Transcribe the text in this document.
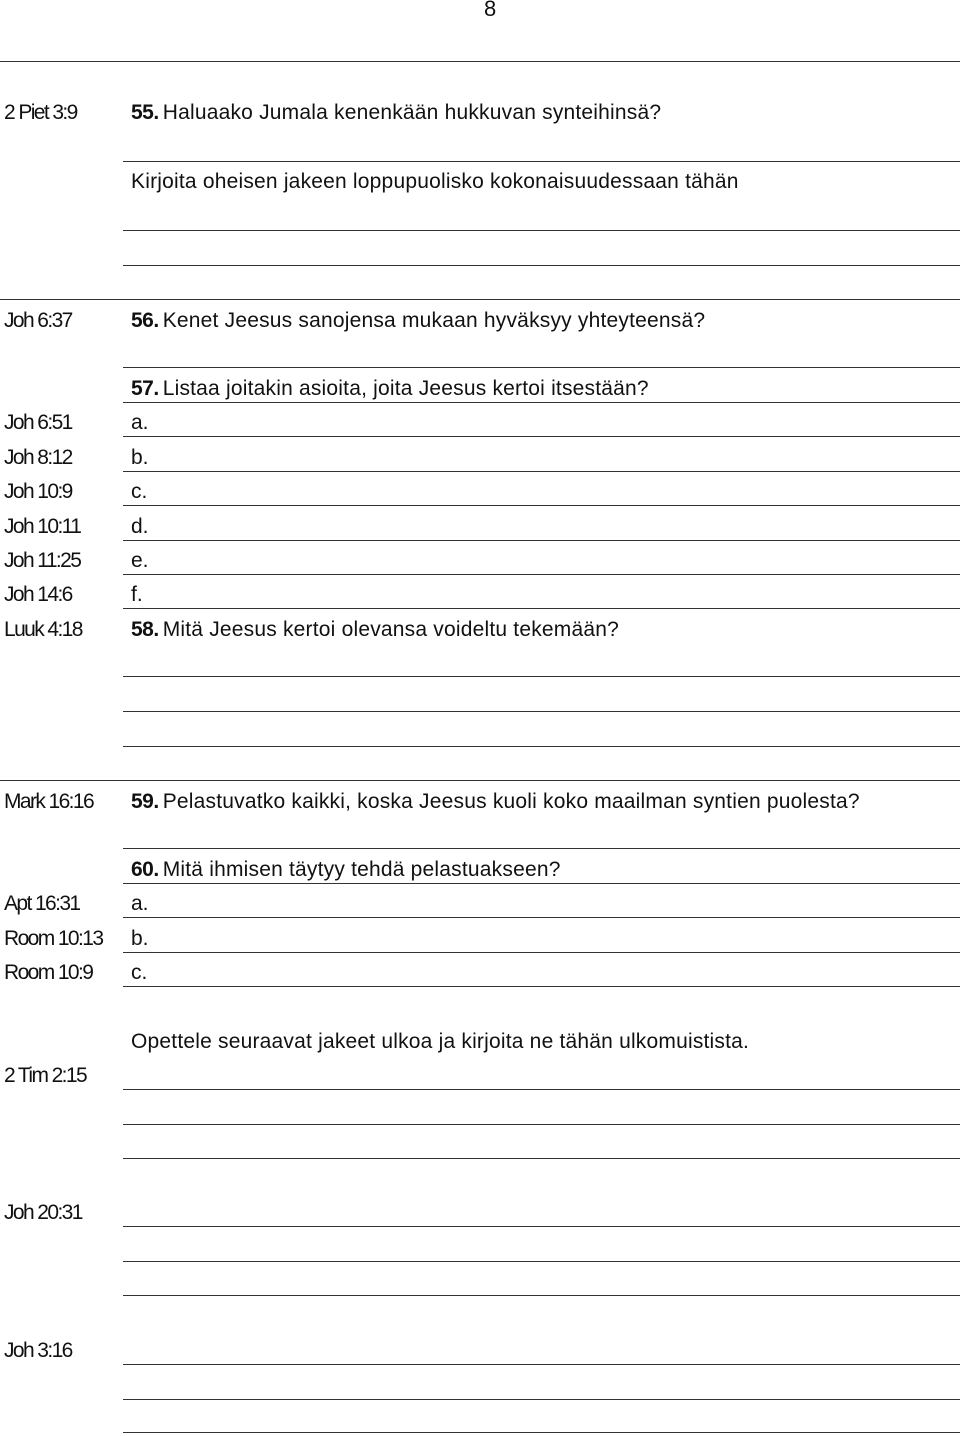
8
2 Piet 3:9	55. Haluaako Jumala kenenkään hukkuvan synteihinsä?
Kirjoita oheisen jakeen loppupuolisko kokonaisuudessaan tähän
Joh 6:37	56. Kenet Jeesus sanojensa mukaan hyväksyy yhteyteensä?
57. Listaa joitakin asioita, joita Jeesus kertoi itsestään?
Joh 6:51	a.
Joh 8:12	b.
Joh 10:9	c.
Joh 10:11 d.
Joh 11:25 e.
Joh 14:6	f.
Luuk 4:18 58. Mitä Jeesus kertoi olevansa voideltu tekemään?
Mark 16:16 59. Pelastuvatko kaikki, koska Jeesus kuoli koko maailman syntien puolesta?
60. Mitä ihmisen täytyy tehdä pelastuakseen?
Apt 16:31 a.
Room 10:13 b.
Room 10:9 c.
Opettele seuraavat jakeet ulkoa ja kirjoita ne tähän ulkomuistista.
2 Tim 2:15
Joh 20:31
Joh 3:16
